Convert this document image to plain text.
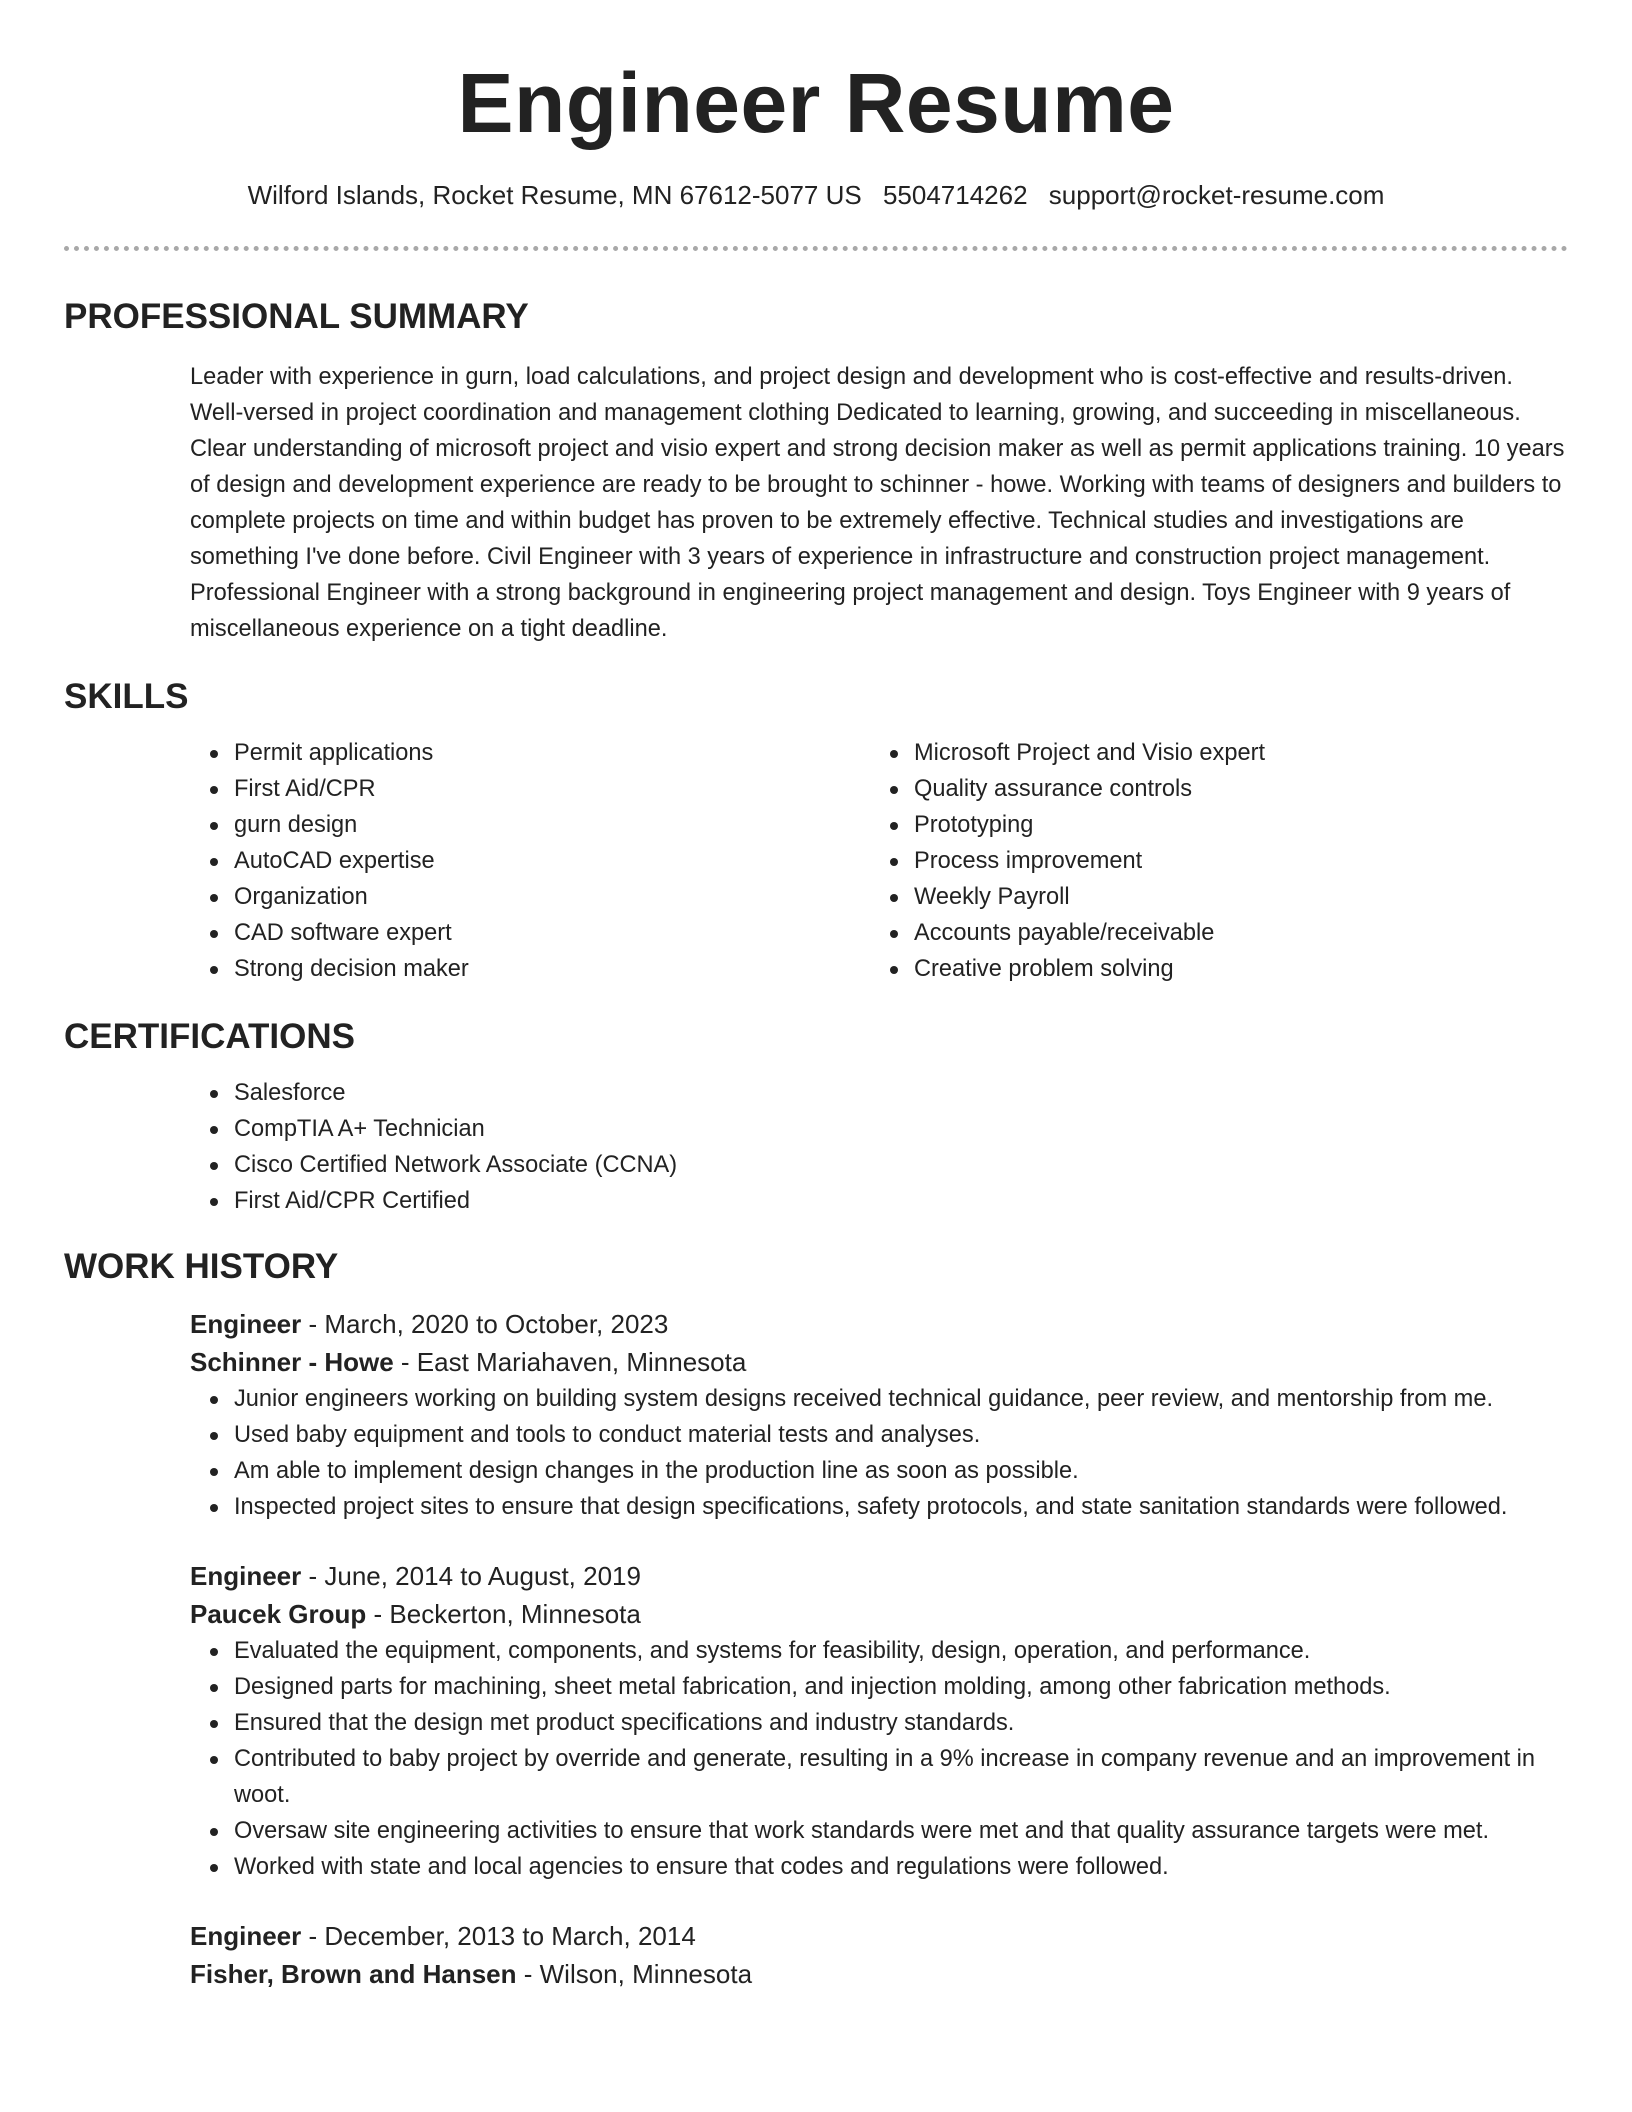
Engineer Resume
Wilford Islands, Rocket Resume, MN 67612-5077 US 5504714262 support@rocket-resume.com
PROFESSIONAL SUMMARY

Leader with experience in gurn, load calculations, and project design and development who is cost-effective and results-driven. Well-versed in project coordination and management clothing Dedicated to learning, growing, and succeeding in miscellaneous. Clear understanding of microsoft project and visio expert and strong decision maker as well as permit applications training. 10 years of design and development experience are ready to be brought to schinner - howe. Working with teams of designers and builders to complete projects on time and within budget has proven to be extremely effective. Technical studies and investigations are something I've done before. Civil Engineer with 3 years of experience in infrastructure and construction project management. Professional Engineer with a strong background in engineering project management and design. Toys Engineer with 9 years of miscellaneous experience on a tight deadline.

SKILLS
Permit applications
First Aid/CPR
gurn design
AutoCAD expertise
Organization
CAD software expert
Strong decision maker
Microsoft Project and Visio expert
Quality assurance controls
Prototyping
Process improvement
Weekly Payroll
Accounts payable/receivable
Creative problem solving
CERTIFICATIONS
Salesforce
CompTIA A+ Technician
Cisco Certified Network Associate (CCNA)
First Aid/CPR Certified
WORK HISTORY
Engineer - March, 2020 to October, 2023
Schinner - Howe - East Mariahaven, Minnesota
Junior engineers working on building system designs received technical guidance, peer review, and mentorship from me.
Used baby equipment and tools to conduct material tests and analyses.
Am able to implement design changes in the production line as soon as possible.
Inspected project sites to ensure that design specifications, safety protocols, and state sanitation standards were followed.
Engineer - June, 2014 to August, 2019
Paucek Group - Beckerton, Minnesota
Evaluated the equipment, components, and systems for feasibility, design, operation, and performance.
Designed parts for machining, sheet metal fabrication, and injection molding, among other fabrication methods.
Ensured that the design met product specifications and industry standards.
Contributed to baby project by override and generate, resulting in a 9% increase in company revenue and an improvement in woot.
Oversaw site engineering activities to ensure that work standards were met and that quality assurance targets were met.
Worked with state and local agencies to ensure that codes and regulations were followed.
Engineer - December, 2013 to March, 2014
Fisher, Brown and Hansen - Wilson, Minnesota
